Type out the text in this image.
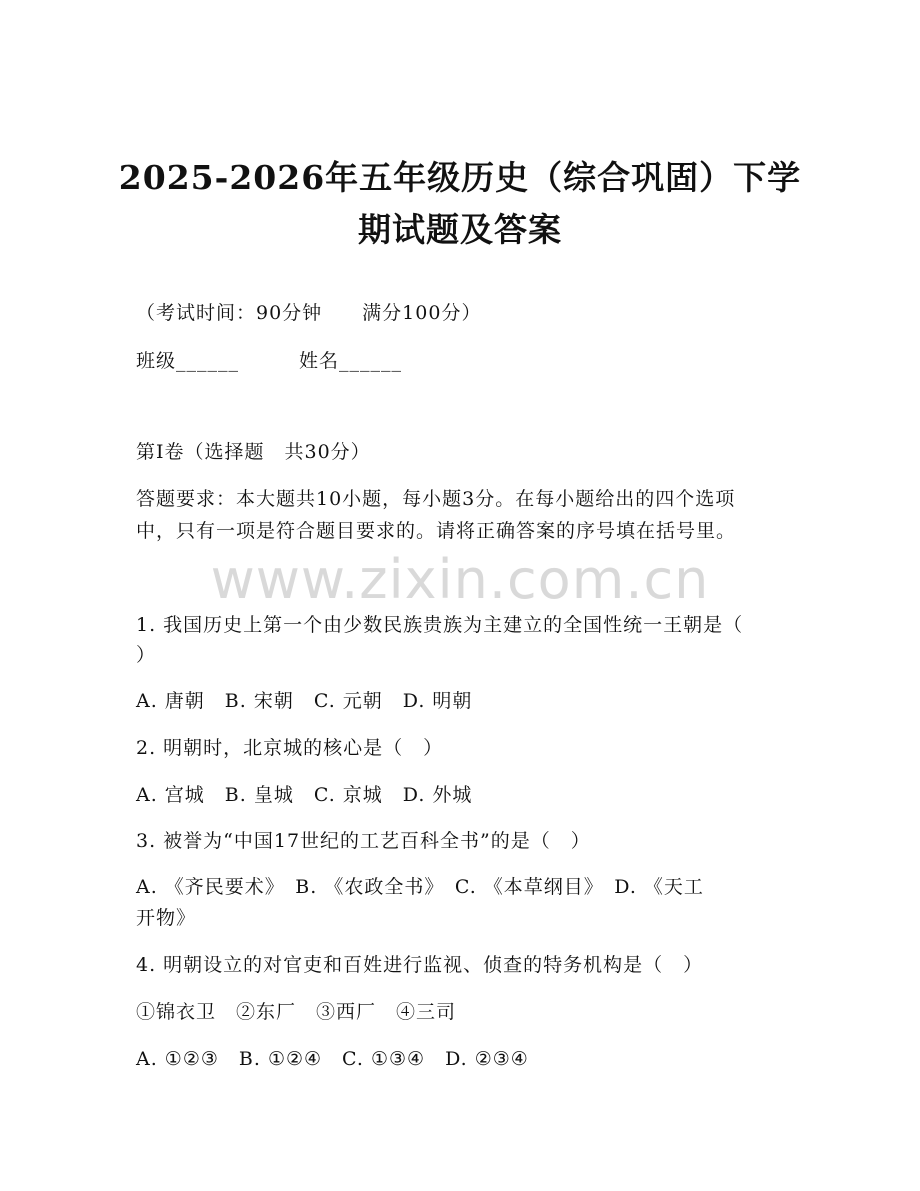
2025-2026年五年级历史（综合巩固）下学
期试题及答案
（考试时间：90分钟　　满分100分）
班级______　　　姓名______
第Ⅰ卷（选择题　共30分）
答题要求：本大题共10小题，每小题3分。在每小题给出的四个选项
中，只有一项是符合题目要求的。请将正确答案的序号填在括号里。
www.zixin.com.cn
1. 我国历史上第一个由少数民族贵族为主建立的全国性统一王朝是（
）
A. 唐朝　B. 宋朝　C. 元朝　D. 明朝
2. 明朝时，北京城的核心是（　）
A. 宫城　B. 皇城　C. 京城　D. 外城
3. 被誉为“中国17世纪的工艺百科全书”的是（　）
A. 《齐民要术》　B. 《农政全书》　C. 《本草纲目》　D. 《天工
开物》
4. 明朝设立的对官吏和百姓进行监视、侦查的特务机构是（　）
①锦衣卫　②东厂　③西厂　④三司
A. ①②③　B. ①②④　C. ①③④　D. ②③④
